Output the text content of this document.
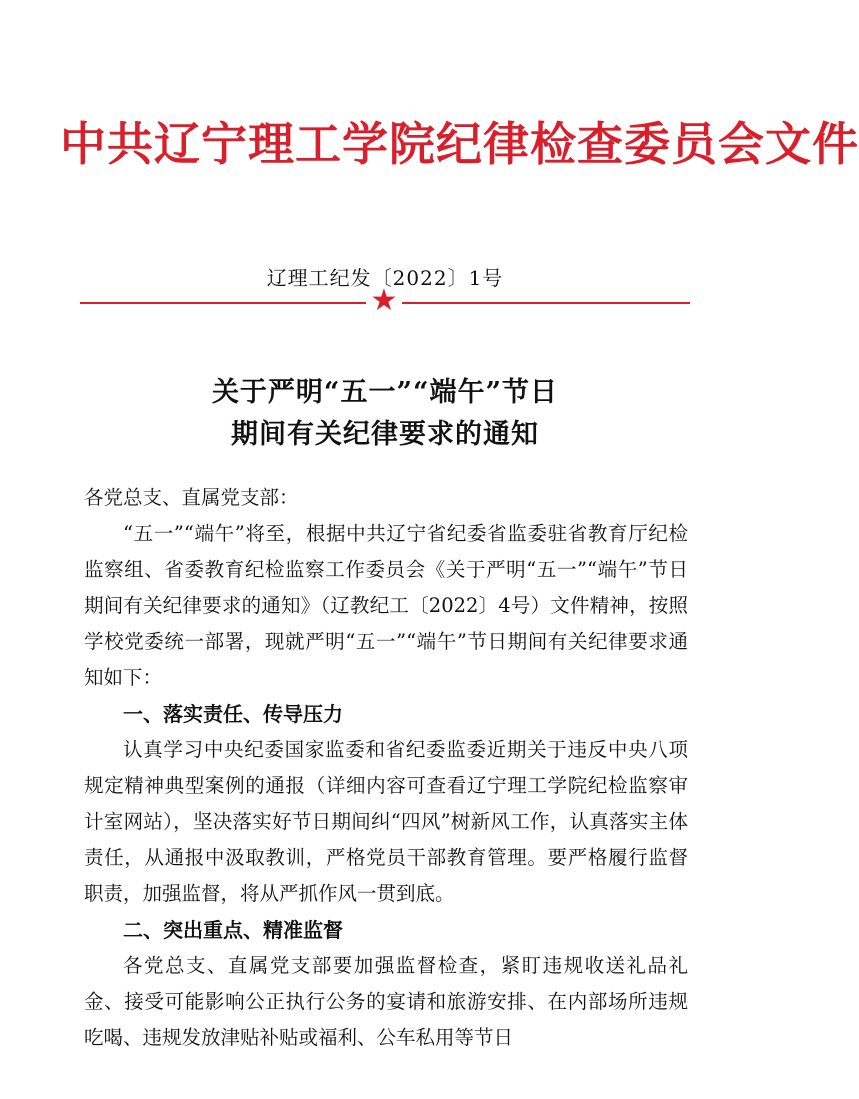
中共辽宁理工学院纪律检查委员会文件
辽理工纪发〔2022〕1号
★
关于严明“五一”“端午”节日
期间有关纪律要求的通知

各党总支、直属党支部：

“五一”“端午”将至，根据中共辽宁省纪委省监委驻省教育厅纪检监察组、省委教育纪检监察工作委员会《关于严明“五一”“端午”节日期间有关纪律要求的通知》（辽教纪工〔2022〕4号）文件精神，按照学校党委统一部署，现就严明“五一”“端午”节日期间有关纪律要求通知如下：

一、落实责任、传导压力

认真学习中央纪委国家监委和省纪委监委近期关于违反中央八项规定精神典型案例的通报（详细内容可查看辽宁理工学院纪检监察审计室网站），坚决落实好节日期间纠“四风”树新风工作，认真落实主体责任，从通报中汲取教训，严格党员干部教育管理。要严格履行监督职责，加强监督，将从严抓作风一贯到底。

二、突出重点、精准监督

各党总支、直属党支部要加强监督检查，紧盯违规收送礼品礼金、接受可能影响公正执行公务的宴请和旅游安排、在内部场所违规吃喝、违规发放津贴补贴或福利、公车私用等节日
